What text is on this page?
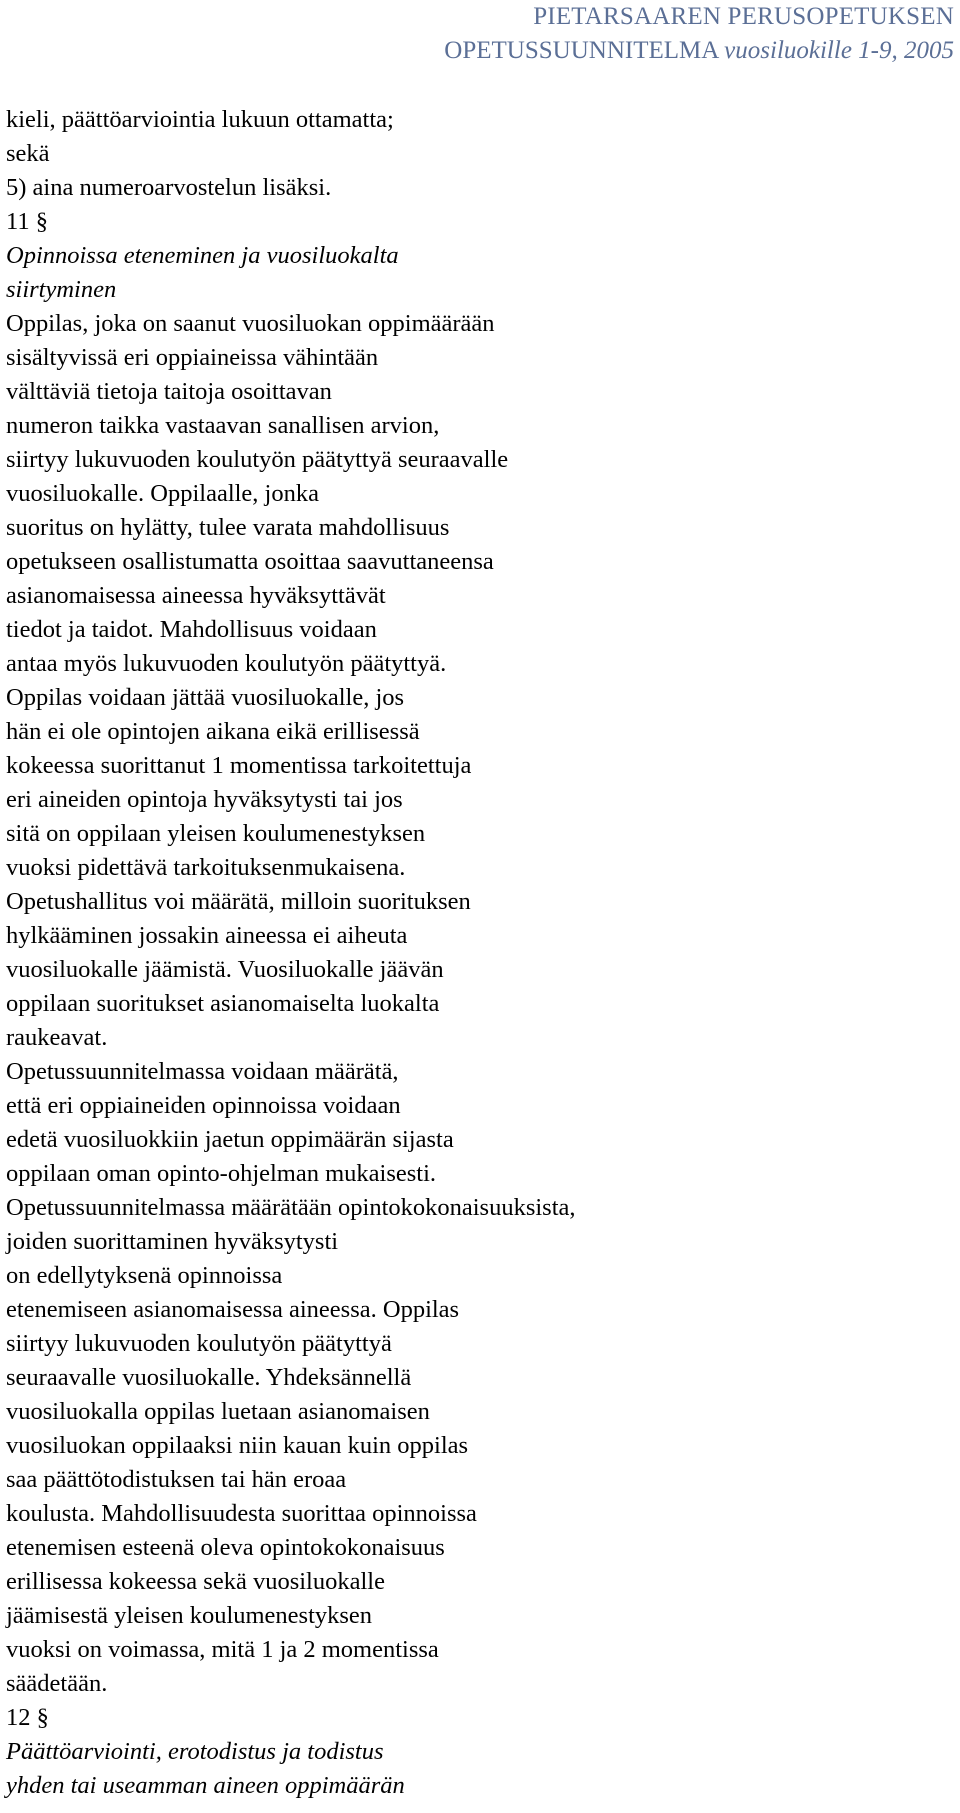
PIETARSAAREN PERUSOPETUKSEN
OPETUSSUUNNITELMA vuosiluokille 1-9, 2005
kieli, päättöarviointia lukuun ottamatta;
sekä
5) aina numeroarvostelun lisäksi.
11 §
Opinnoissa eteneminen ja vuosiluokalta
siirtyminen
Oppilas, joka on saanut vuosiluokan oppimäärään
sisältyvissä eri oppiaineissa vähintään
välttäviä tietoja taitoja osoittavan
numeron taikka vastaavan sanallisen arvion,
siirtyy lukuvuoden koulutyön päätyttyä seuraavalle
vuosiluokalle. Oppilaalle, jonka
suoritus on hylätty, tulee varata mahdollisuus
opetukseen osallistumatta osoittaa saavuttaneensa
asianomaisessa aineessa hyväksyttävät
tiedot ja taidot. Mahdollisuus voidaan
antaa myös lukuvuoden koulutyön päätyttyä.
Oppilas voidaan jättää vuosiluokalle, jos
hän ei ole opintojen aikana eikä erillisessä
kokeessa suorittanut 1 momentissa tarkoitettuja
eri aineiden opintoja hyväksytysti tai jos
sitä on oppilaan yleisen koulumenestyksen
vuoksi pidettävä tarkoituksenmukaisena.
Opetushallitus voi määrätä, milloin suorituksen
hylkääminen jossakin aineessa ei aiheuta
vuosiluokalle jäämistä. Vuosiluokalle jäävän
oppilaan suoritukset asianomaiselta luokalta
raukeavat.
Opetussuunnitelmassa voidaan määrätä,
että eri oppiaineiden opinnoissa voidaan
edetä vuosiluokkiin jaetun oppimäärän sijasta
oppilaan oman opinto-ohjelman mukaisesti.
Opetussuunnitelmassa määrätään opintokokonaisuuksista,
joiden suorittaminen hyväksytysti
on edellytyksenä opinnoissa
etenemiseen asianomaisessa aineessa. Oppilas
siirtyy lukuvuoden koulutyön päätyttyä
seuraavalle vuosiluokalle. Yhdeksännellä
vuosiluokalla oppilas luetaan asianomaisen
vuosiluokan oppilaaksi niin kauan kuin oppilas
saa päättötodistuksen tai hän eroaa
koulusta. Mahdollisuudesta suorittaa opinnoissa
etenemisen esteenä oleva opintokokonaisuus
erillisessa kokeessa sekä vuosiluokalle
jäämisestä yleisen koulumenestyksen
vuoksi on voimassa, mitä 1 ja 2 momentissa
säädetään.
12 §
Päättöarviointi, erotodistus ja todistus
yhden tai useamman aineen oppimäärän
